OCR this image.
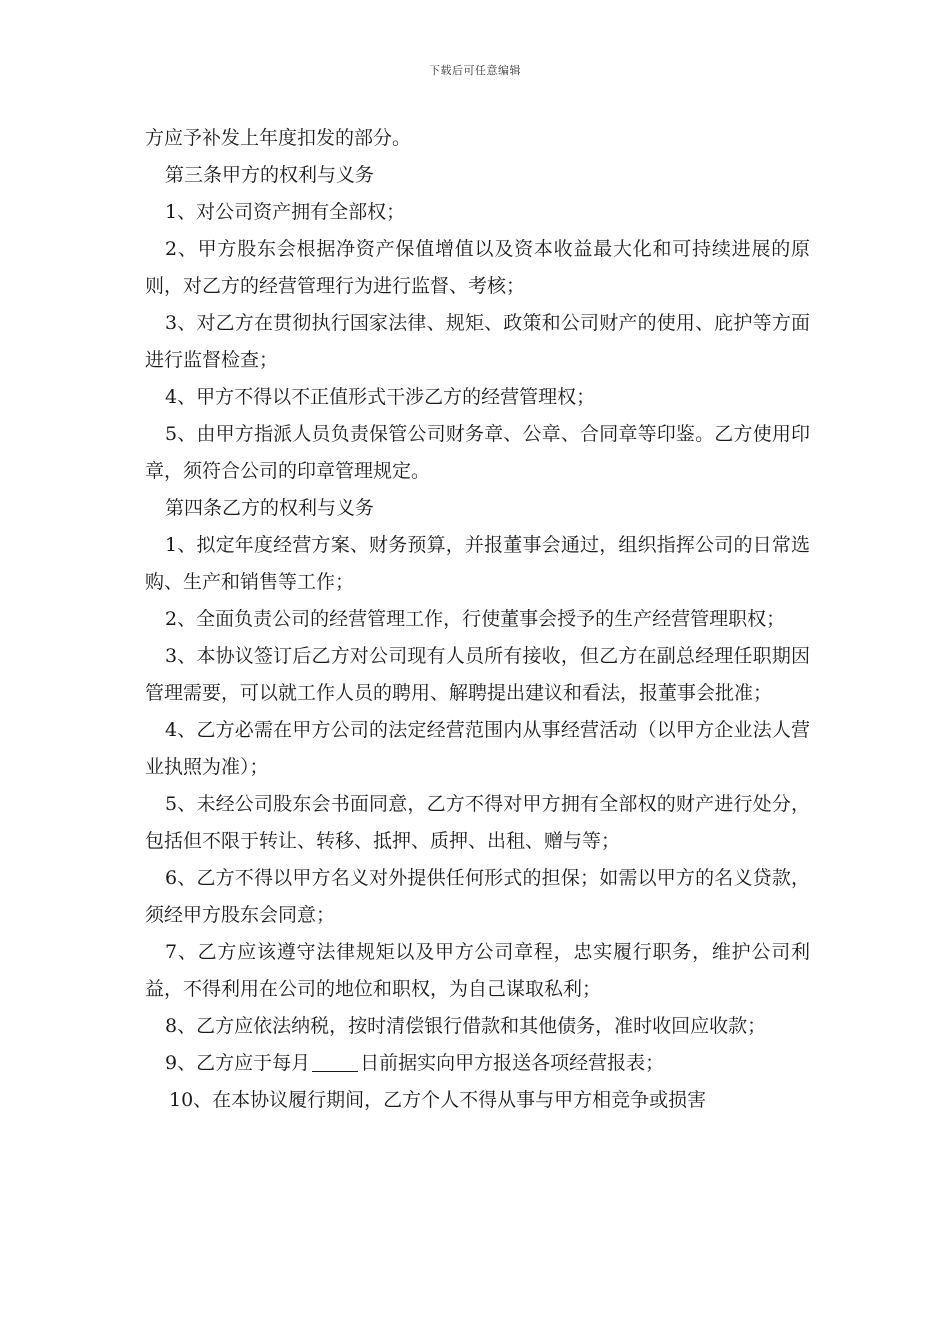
下载后可任意编辑

方应予补发上年度扣发的部分。

第三条甲方的权利与义务

1、对公司资产拥有全部权；

2、甲方股东会根据净资产保值增值以及资本收益最大化和可持续进展的原则，对乙方的经营管理行为进行监督、考核；

3、对乙方在贯彻执行国家法律、规矩、政策和公司财产的使用、庇护等方面进行监督检查；

4、甲方不得以不正值形式干涉乙方的经营管理权；

5、由甲方指派人员负责保管公司财务章、公章、合同章等印鉴。乙方使用印章，须符合公司的印章管理规定。

第四条乙方的权利与义务

1、拟定年度经营方案、财务预算，并报董事会通过，组织指挥公司的日常选购、生产和销售等工作；

2、全面负责公司的经营管理工作，行使董事会授予的生产经营管理职权；

3、本协议签订后乙方对公司现有人员所有接收，但乙方在副总经理任职期因管理需要，可以就工作人员的聘用、解聘提出建议和看法，报董事会批准；

4、乙方必需在甲方公司的法定经营范围内从事经营活动（以甲方企业法人营业执照为准）；

5、未经公司股东会书面同意，乙方不得对甲方拥有全部权的财产进行处分，包括但不限于转让、转移、抵押、质押、出租、赠与等；

6、乙方不得以甲方名义对外提供任何形式的担保；如需以甲方的名义贷款，须经甲方股东会同意；

7、乙方应该遵守法律规矩以及甲方公司章程，忠实履行职务，维护公司利益，不得利用在公司的地位和职权，为自己谋取私利；

8、乙方应依法纳税，按时清偿银行借款和其他债务，准时收回应收款；

9、乙方应于每月	日前据实向甲方报送各项经营报表；

10、在本协议履行期间，乙方个人不得从事与甲方相竞争或损害
